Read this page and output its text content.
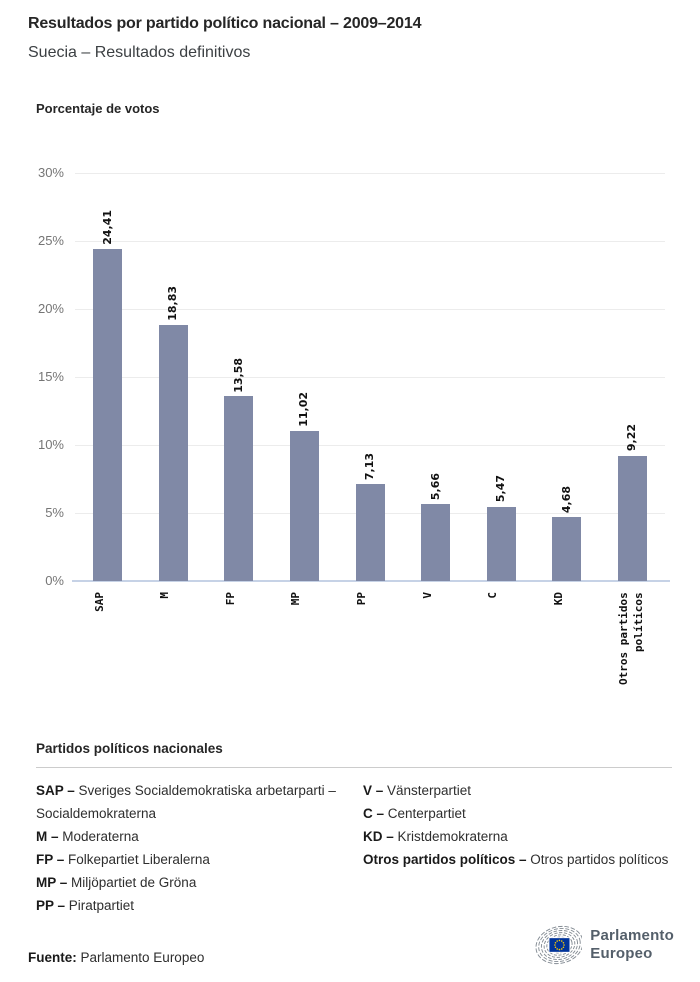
Resultados por partido político nacional – 2009–2014
Suecia – Resultados definitivos
Porcentaje de votos
0%
5%
10%
15%
20%
25%
30%
24,41
SAP
18,83
M
13,58
FP
11,02
MP
7,13
PP
5,66
V
5,47
C
4,68
KD
9,22
Otros partidos políticos
Partidos políticos nacionales
SAP – Sveriges Socialdemokratiska arbetarparti – Socialdemokraterna
M – Moderaterna
FP – Folkepartiet Liberalerna
MP – Miljöpartiet de Gröna
PP – Piratpartiet
V – Vänsterpartiet
C – Centerpartiet
KD – Kristdemokraterna
Otros partidos políticos – Otros partidos políticos
Fuente: Parlamento Europeo
Parlamento
Europeo
